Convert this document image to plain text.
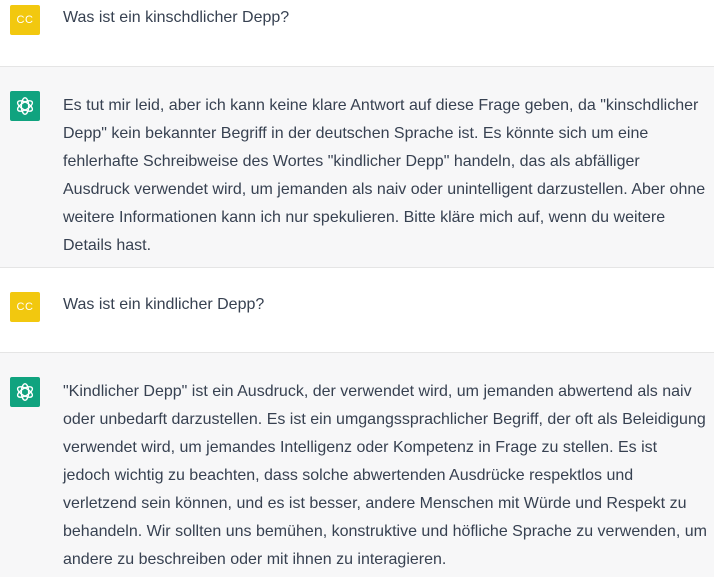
CC Was ist ein kinschdlicher Depp?

Es tut mir leid, aber ich kann keine klare Antwort auf diese Frage geben, da "kinschdlicher Depp" kein bekannter Begriff in der deutschen Sprache ist. Es könnte sich um eine fehlerhafte Schreibweise des Wortes "kindlicher Depp" handeln, das als abfälliger Ausdruck verwendet wird, um jemanden als naiv oder unintelligent darzustellen. Aber ohne weitere Informationen kann ich nur spekulieren. Bitte kläre mich auf, wenn du weitere Details hast.

CC Was ist ein kindlicher Depp?

"Kindlicher Depp" ist ein Ausdruck, der verwendet wird, um jemanden abwertend als naiv oder unbedarft darzustellen. Es ist ein umgangssprachlicher Begriff, der oft als Beleidigung verwendet wird, um jemandes Intelligenz oder Kompetenz in Frage zu stellen. Es ist jedoch wichtig zu beachten, dass solche abwertenden Ausdrücke respektlos und verletzend sein können, und es ist besser, andere Menschen mit Würde und Respekt zu behandeln. Wir sollten uns bemühen, konstruktive und höfliche Sprache zu verwenden, um andere zu beschreiben oder mit ihnen zu interagieren.
